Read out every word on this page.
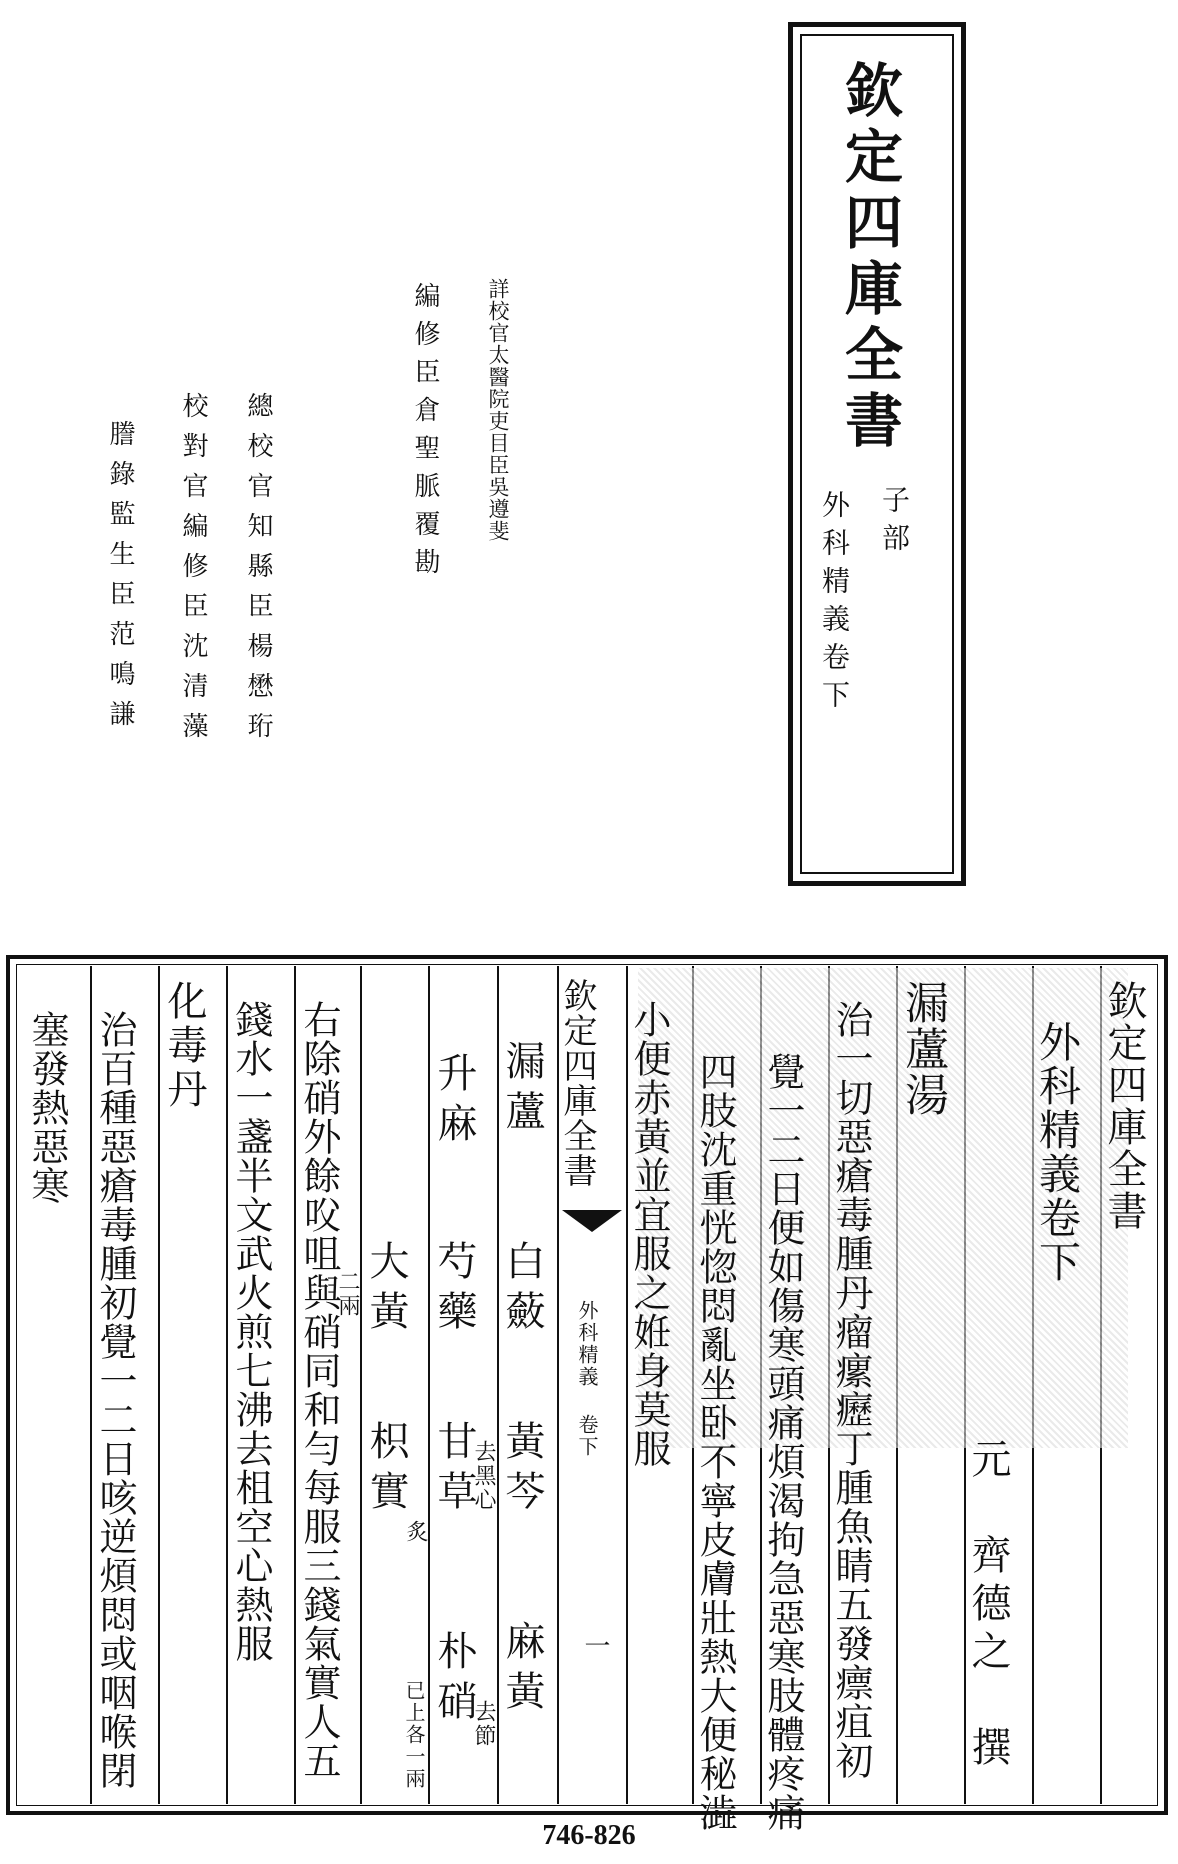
欽定四庫全書
子部
外科精義卷下
詳校官太醫院吏目臣吳遵斐
編修臣倉聖脈覆勘
總校官知縣臣楊懋珩
校對官編修臣沈清藻
謄錄監生臣范鳴謙
欽定四庫全書
外科精義卷下
元　齊德之　撰
漏蘆湯
治一切惡瘡毒腫丹瘤瘰癧丁腫魚睛五發瘭疽初
覺一二日便如傷寒頭痛煩渴拘急惡寒肢體疼痛
四肢沈重恍惚悶亂坐卧不寧皮膚壯熱大便秘澁
小便赤黃並宜服之姙身莫服
欽定四庫全書
外科精義 卷下
一
漏蘆
白蘞
黃芩
去黑心
麻黃
去節
升麻
芍藥
甘草
炙
朴硝
已上各一兩
大黃
二兩
枳實
右除硝外餘㕮咀與硝同和勻每服三錢氣實人五
錢水一盞半文武火煎七沸去柤空心熱服
化毒丹
治百種惡瘡毒腫初覺一二日咳逆煩悶或咽喉閉
塞發熱惡寒
746-826
